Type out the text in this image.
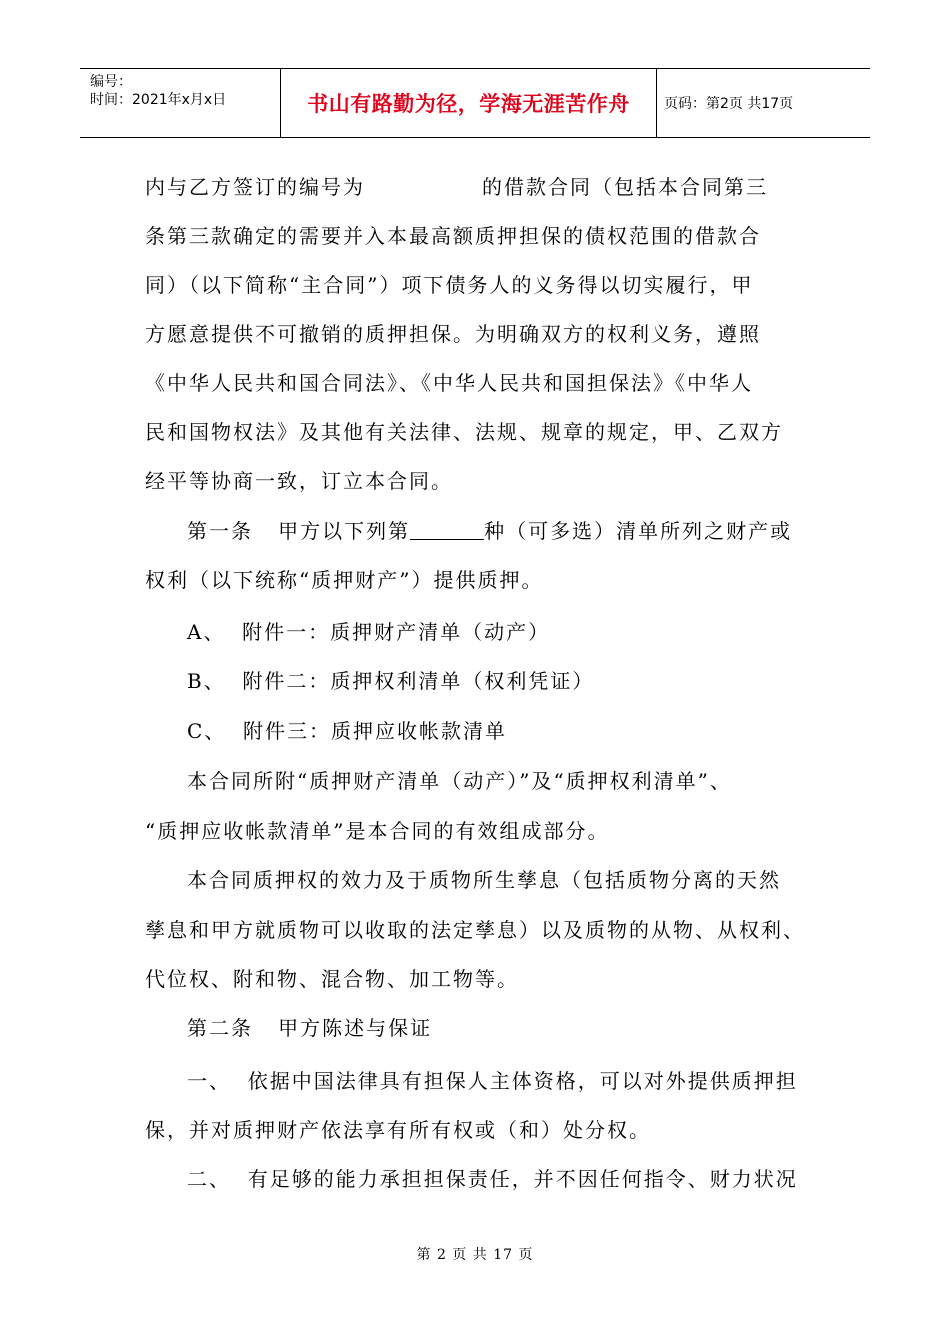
编号：
时间：2021年x月x日	书山有路勤为径，学海无涯苦作舟	页码：第2页 共17页
内与乙方签订的编号为              的借款合同（包括本合同第三
条第三款确定的需要并入本最高额质押担保的债权范围的借款合
同）（以下简称“主合同”）项下债务人的义务得以切实履行，甲
方愿意提供不可撤销的质押担保。为明确双方的权利义务，遵照
《中华人民共和国合同法》、《中华人民共和国担保法》《中华人
民和国物权法》及其他有关法律、法规、规章的规定，甲、乙双方
经平等协商一致，订立本合同。
第一条   甲方以下列第	种（可多选）清单所列之财产或
权利（以下统称“质押财产”）提供质押。
A、  附件一：质押财产清单（动产）
B、  附件二：质押权利清单（权利凭证）
C、  附件三：质押应收帐款清单
本合同所附“质押财产清单（动产）”及“质押权利清单”、
“质押应收帐款清单”是本合同的有效组成部分。
本合同质押权的效力及于质物所生孳息（包括质物分离的天然
孳息和甲方就质物可以收取的法定孳息）以及质物的从物、从权利、
代位权、附和物、混合物、加工物等。
第二条   甲方陈述与保证
一、  依据中国法律具有担保人主体资格，可以对外提供质押担
保，并对质押财产依法享有所有权或（和）处分权。
二、  有足够的能力承担担保责任，并不因任何指令、财力状况
第 2 页 共 17 页
